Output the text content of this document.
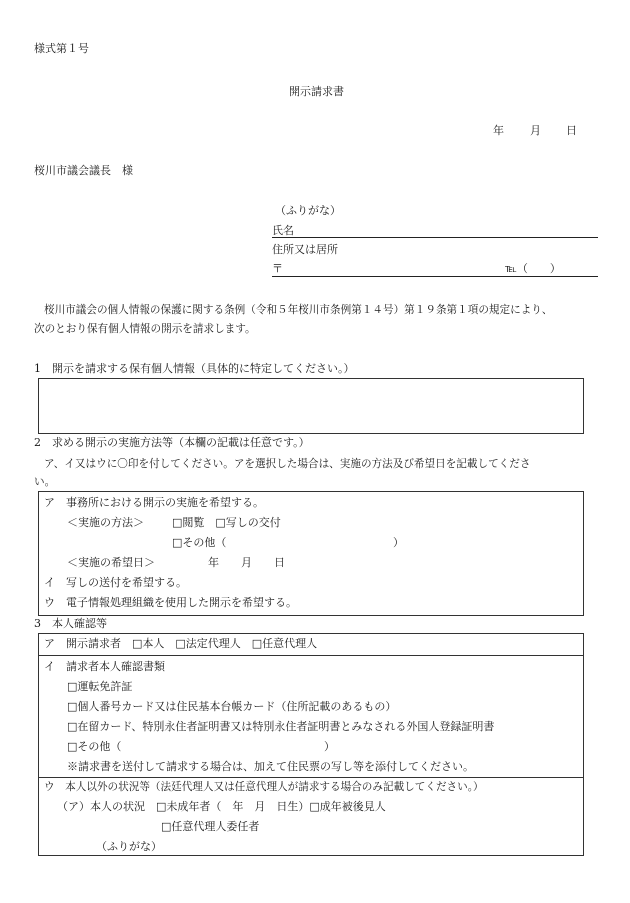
様式第１号
開示請求書
年 月 日
桜川市議会議長　様
（ふりがな）
氏名
住所又は居所
〒	℡（　　）
桜川市議会の個人情報の保護に関する条例（令和５年桜川市条例第１４号）第１９条第１項の規定により、
次のとおり保有個人情報の開示を請求します。
1　開示を請求する保有個人情報（具体的に特定してください。）
2　求める開示の実施方法等（本欄の記載は任意です。）
ア、イ又はウに〇印を付してください。アを選択した場合は、実施の方法及び希望日を記載してくださ
い。
ア　事務所における開示の実施を希望する。
＜実施の方法＞	□閲覧　□写しの交付
□その他（	）
＜実施の希望日＞	年　　月　　日
イ　写しの送付を希望する。
ウ　電子情報処理組織を使用した開示を希望する。
3　本人確認等
ア　開示請求者　□本人　□法定代理人　□任意代理人
イ　請求者本人確認書類
□運転免許証
□個人番号カード又は住民基本台帳カード（住所記載のあるもの）
□在留カード、特別永住者証明書又は特別永住者証明書とみなされる外国人登録証明書
□その他（	）
※請求書を送付して請求する場合は、加えて住民票の写し等を添付してください。
ウ　本人以外の状況等（法廷代理人又は任意代理人が請求する場合のみ記載してください。）
（ア）本人の状況　□未成年者（　年　月　日生）□成年被後見人
□任意代理人委任者
（ふりがな）
